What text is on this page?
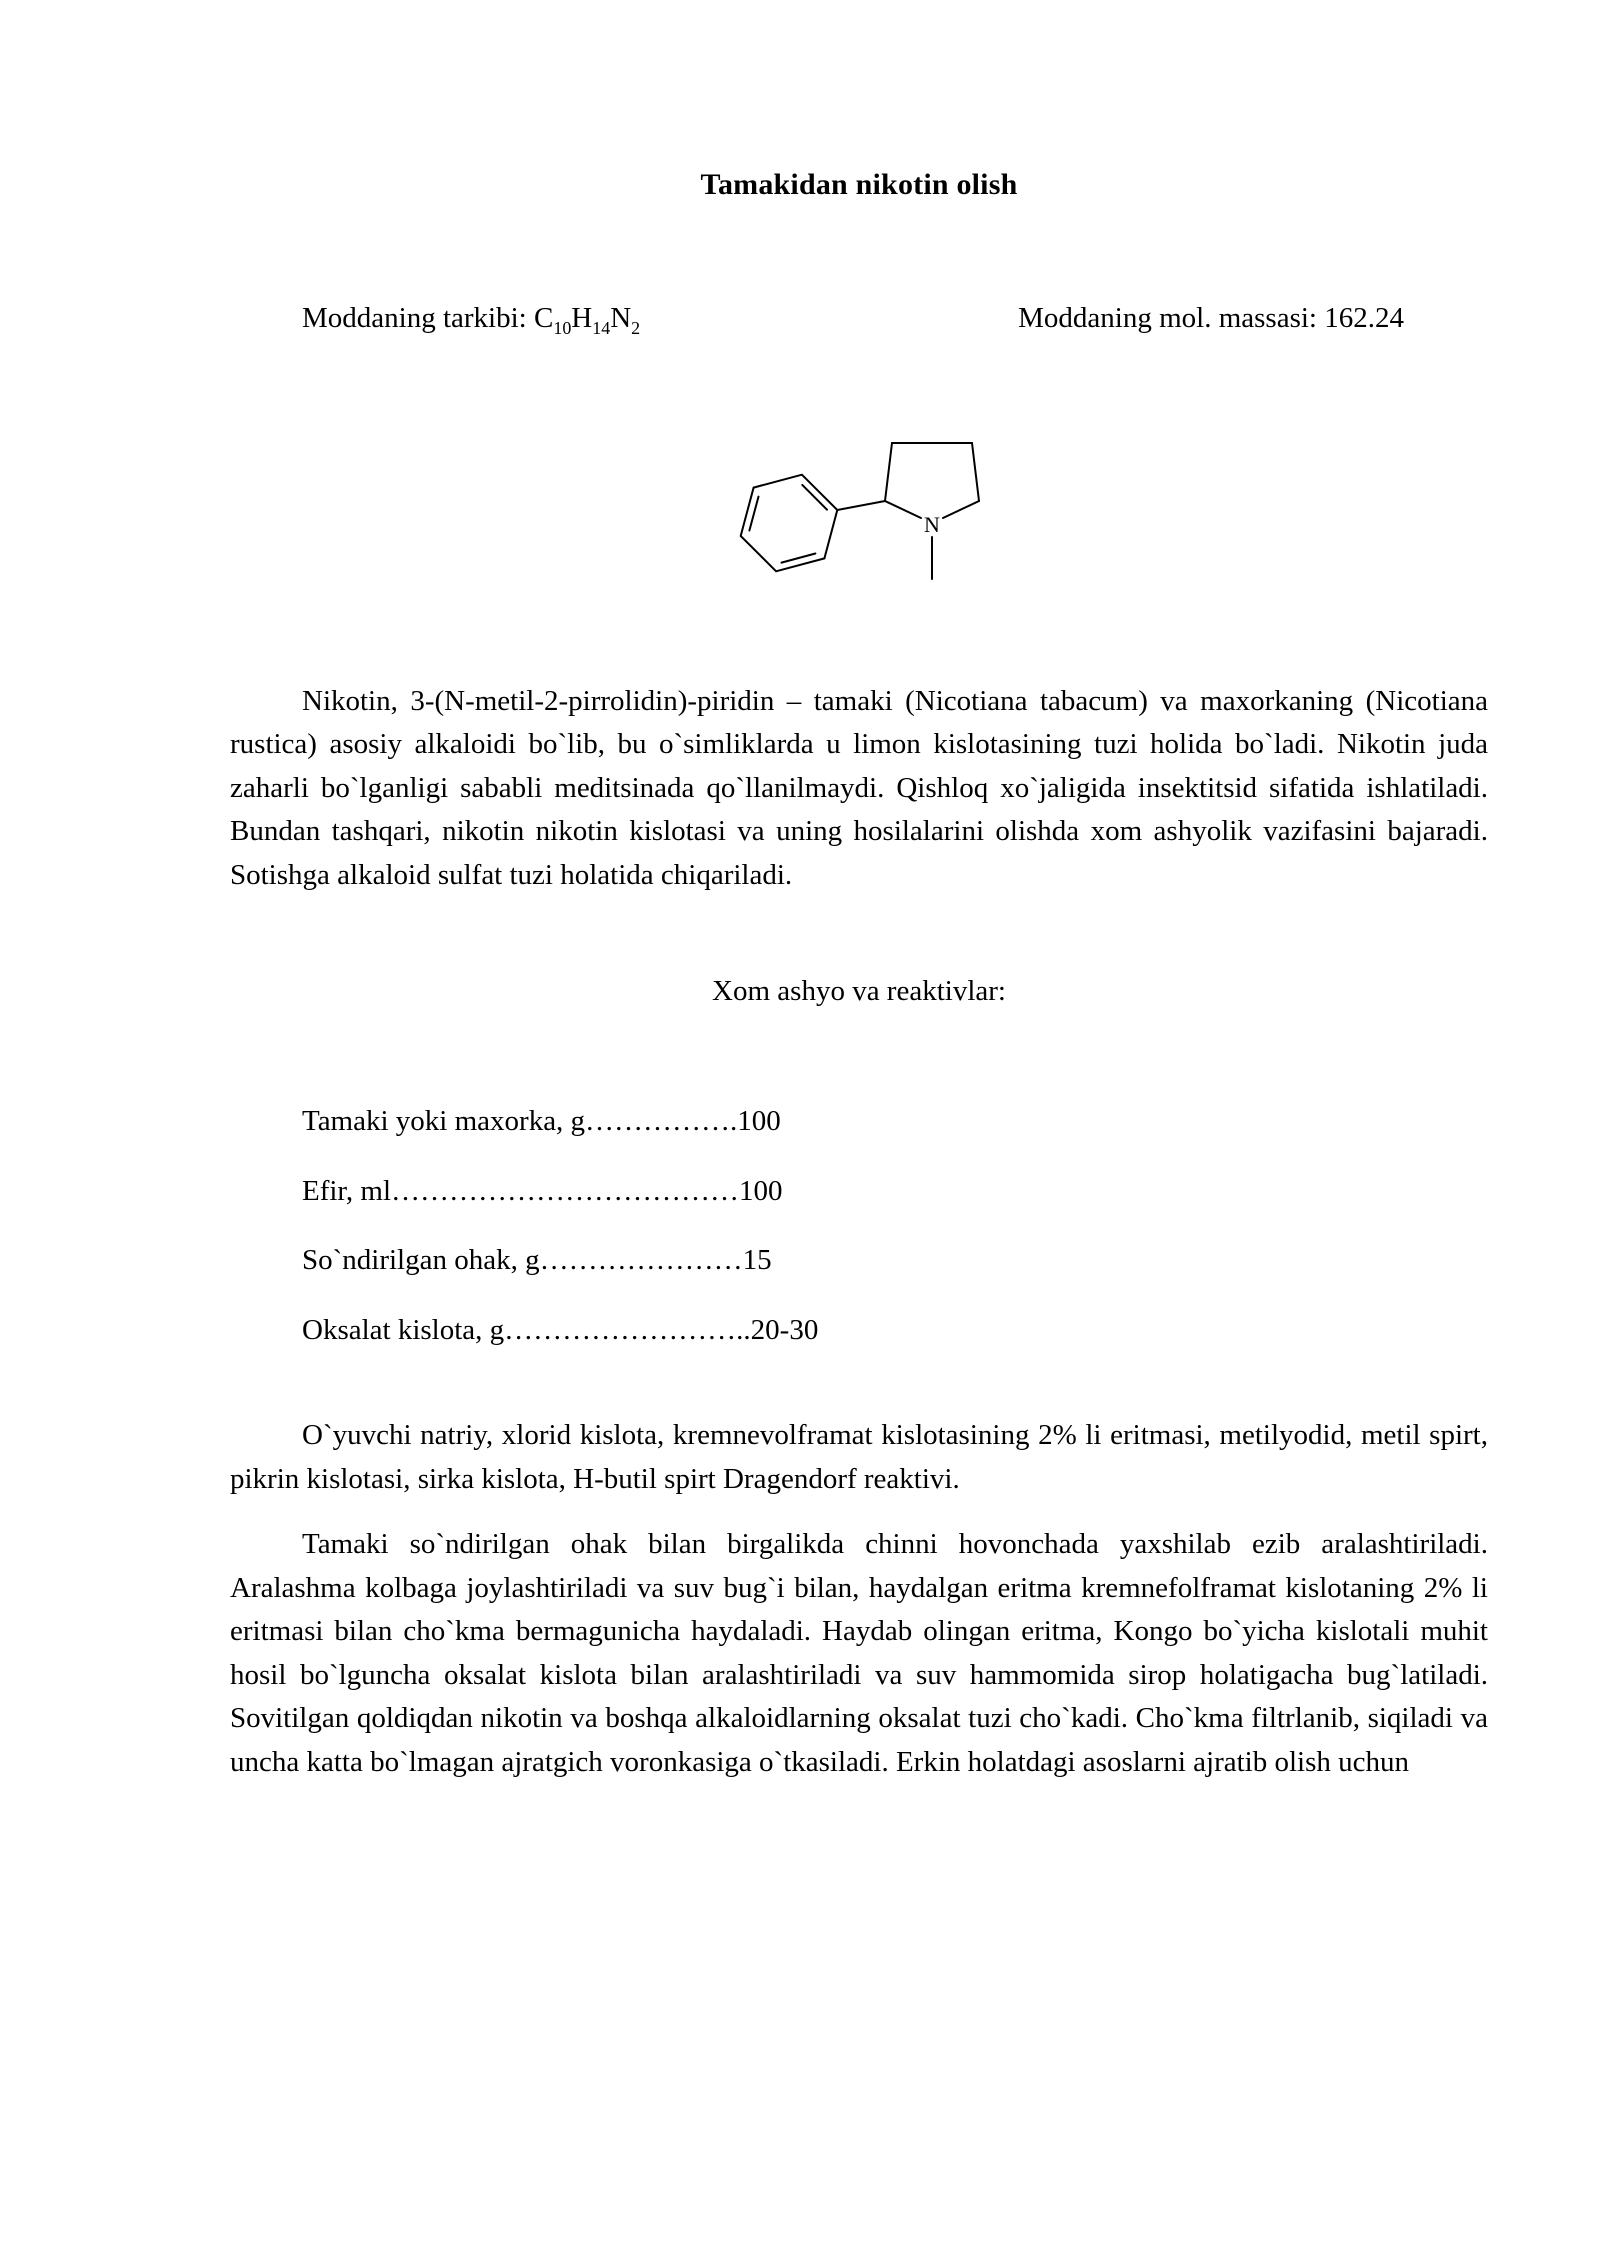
Tamakidan nikotin olish
Moddaning tarkibi: $C_{10}H_{14}N_2$	Moddaning mol. massasi: 162.24
N

Nikotin, 3-(N-metil-2-pirrolidin)-piridin – tamaki (Nicotiana tabacum) va maxorkaning (Nicotiana rustica) asosiy alkaloidi bo`lib, bu o`simliklarda u limon kislotasining tuzi holida bo`ladi. Nikotin juda zaharli bo`lganligi sababli meditsinada qo`llanilmaydi. Qishloq xo`jaligida insektitsid sifatida ishlatiladi. Bundan tashqari, nikotin nikotin kislotasi va uning hosilalarini olishda xom ashyolik vazifasini bajaradi. Sotishga alkaloid sulfat tuzi holatida chiqariladi.

Xom ashyo va reaktivlar:
Tamaki yoki maxorka, g…………….100
Efir, ml………………………………100
So`ndirilgan ohak, g…………………15
Oksalat kislota, g……………………..20-30

O`yuvchi natriy, xlorid kislota, kremnevolframat kislotasining 2% li eritmasi, metilyodid, metil spirt, pikrin kislotasi, sirka kislota, H-butil spirt Dragendorf reaktivi.

Tamaki so`ndirilgan ohak bilan birgalikda chinni hovonchada yaxshilab ezib aralashtiriladi. Aralashma kolbaga joylashtiriladi va suv bug`i bilan, haydalgan eritma kremnefolframat kislotaning 2% li eritmasi bilan cho`kma bermagunicha haydaladi. Haydab olingan eritma, Kongo bo`yicha kislotali muhit hosil bo`lguncha oksalat kislota bilan aralashtiriladi va suv hammomida sirop holatigacha bug`latiladi. Sovitilgan qoldiqdan nikotin va boshqa alkaloidlarning oksalat tuzi cho`kadi. Cho`kma filtrlanib, siqiladi va uncha katta bo`lmagan ajratgich voronkasiga o`tkasiladi. Erkin holatdagi asoslarni ajratib olish uchun
